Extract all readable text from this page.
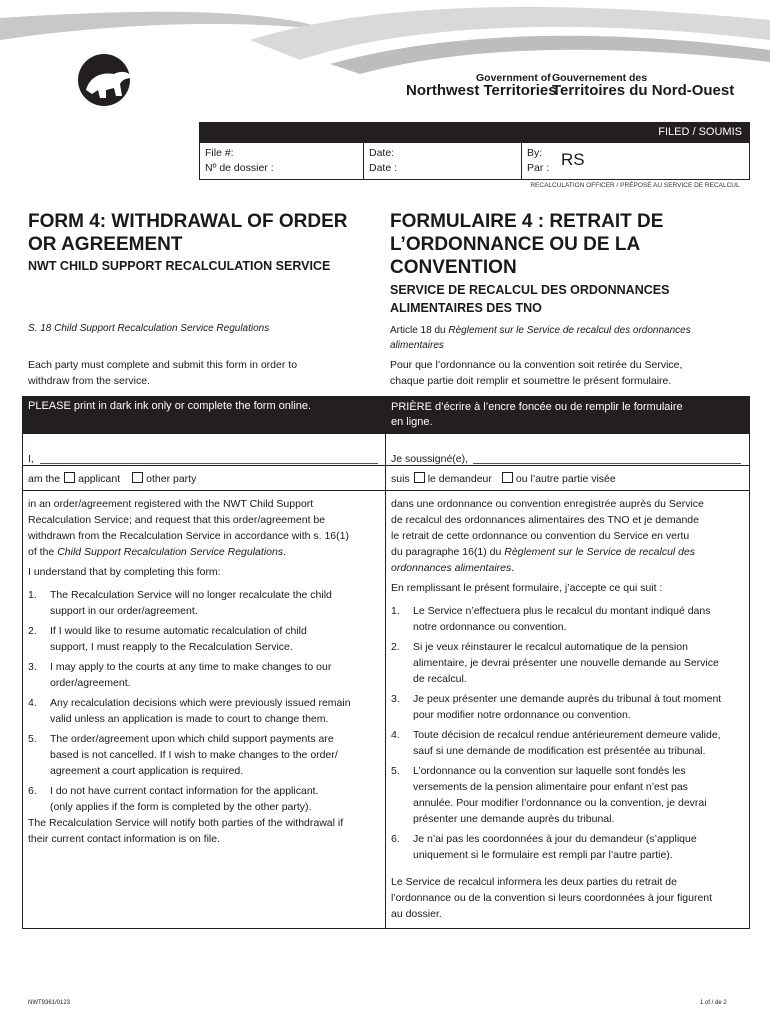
Government of
Northwest Territories
Gouvernement des
Territoires du Nord-Ouest
FILED / SOUMIS
File #:
Nº de dossier :
Date:
Date :
By:
Par : RS
RECALCULATION OFFICER / PRÉPOSÉ AU SERVICE DE RECALCUL
FORM 4: WITHDRAWAL OF ORDER
OR AGREEMENT
NWT CHILD SUPPORT RECALCULATION SERVICE
FORMULAIRE 4 : RETRAIT DE
L’ORDONNANCE OU DE LA
CONVENTION
SERVICE DE RECALCUL DES ORDONNANCES
ALIMENTAIRES DES TNO
S. 18 Child Support Recalculation Service Regulations	Article 18 du Règlement sur le Service de recalcul des ordonnances alimentaires
Each party must complete and submit this form in order to
withdraw from the service.
Pour que l’ordonnance ou la convention soit retirée du Service,
chaque partie doit remplir et soumettre le présent formulaire.
PLEASE print in dark ink only or complete the form online.	PRIÈRE d’écrire à l’encre foncée ou de remplir le formulaire
en ligne.
I,	Je soussigné(e),
am the applicant other party	suis le demandeur ou l’autre partie visée
in an order/agreement registered with the NWT Child Support
Recalculation Service; and request that this order/agreement be
withdrawn from the Recalculation Service in accordance with s. 16(1)
of the Child Support Recalculation Service Regulations.
I understand that by completing this form:
1. The Recalculation Service will no longer recalculate the child
support in our order/agreement.
2. If I would like to resume automatic recalculation of child
support, I must reapply to the Recalculation Service.
3. I may apply to the courts at any time to make changes to our
order/agreement.
4. Any recalculation decisions which were previously issued remain
valid unless an application is made to court to change them.
5. The order/agreement upon which child support payments are
based is not cancelled. If I wish to make changes to the order/
agreement a court application is required.
6. I do not have current contact information for the applicant.
(only applies if the form is completed by the other party).
The Recalculation Service will notify both parties of the withdrawal if
their current contact information is on file.
dans une ordonnance ou convention enregistrée auprès du Service
de recalcul des ordonnances alimentaires des TNO et je demande
le retrait de cette ordonnance ou convention du Service en vertu
du paragraphe 16(1) du Règlement sur le Service de recalcul des
ordonnances alimentaires.
En remplissant le présent formulaire, j’accepte ce qui suit :
1. Le Service n’effectuera plus le recalcul du montant indiqué dans
notre ordonnance ou convention.
2. Si je veux réinstaurer le recalcul automatique de la pension
alimentaire, je devrai présenter une nouvelle demande au Service
de recalcul.
3. Je peux présenter une demande auprès du tribunal à tout moment
pour modifier notre ordonnance ou convention.
4. Toute décision de recalcul rendue antérieurement demeure valide,
sauf si une demande de modification est présentée au tribunal.
5. L’ordonnance ou la convention sur laquelle sont fondés les
versements de la pension alimentaire pour enfant n’est pas
annulée. Pour modifier l’ordonnance ou la convention, je devrai
présenter une demande auprès du tribunal.
6. Je n’ai pas les coordonnées à jour du demandeur (s’applique
uniquement si le formulaire est rempli par l’autre partie).
Le Service de recalcul informera les deux parties du retrait de
l’ordonnance ou de la convention si leurs coordonnées à jour figurent
au dossier.
NWT9361/0123	1 of / de 2
